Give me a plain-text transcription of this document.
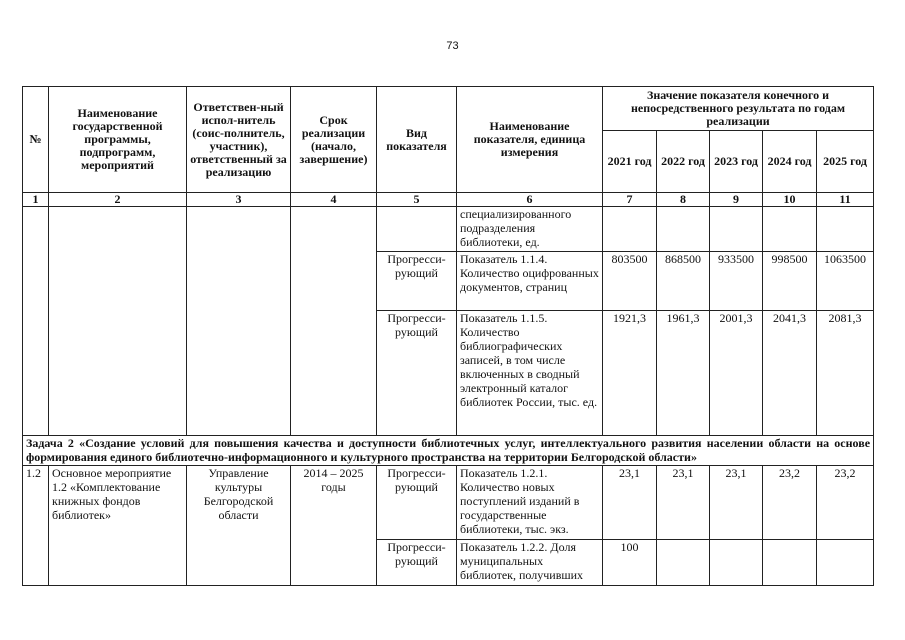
73
№	Наименование государственной программы, подпрограмм, мероприятий	Ответствен-ный испол-нитель (соис-полнитель, участник), ответственный за реализацию	Срок реализации (начало, завершение)	Вид показателя	Наименование показателя, единица измерения	Значение показателя конечного и непосредственного результата по годам реализации				
						2021 год	2022 год	2023 год	2024 год	2025 год
1	2	3	4	5	6	7	8	9	10	11
					специализированного подразделения библиотеки, ед.					
				Прогресси-рующий	Показатель 1.1.4. Количество оцифрованных документов, страниц	803500	868500	933500	998500	1063500
				Прогресси-рующий	Показатель 1.1.5. Количество библиографических записей, в том числе включенных в сводный электронный каталог библиотек России, тыс. ед.	1921,3	1961,3	2001,3	2041,3	2081,3
Задача 2 «Создание условий для повышения качества и доступности библиотечных услуг, интеллектуального развития населении области на основе формирования единого библиотечно-информационного и культурного пространства на территории Белгородской области»										
1.2	Основное мероприятие 1.2 «Комплектование книжных фондов библиотек»	Управление культуры Белгородской области	2014 – 2025 годы	Прогресси-рующий	Показатель 1.2.1. Количество новых поступлений изданий в государственные библиотеки, тыс. экз.	23,1	23,1	23,1	23,2	23,2
				Прогресси-рующий	Показатель 1.2.2. Доля муниципальных библиотек, получивших	100				
